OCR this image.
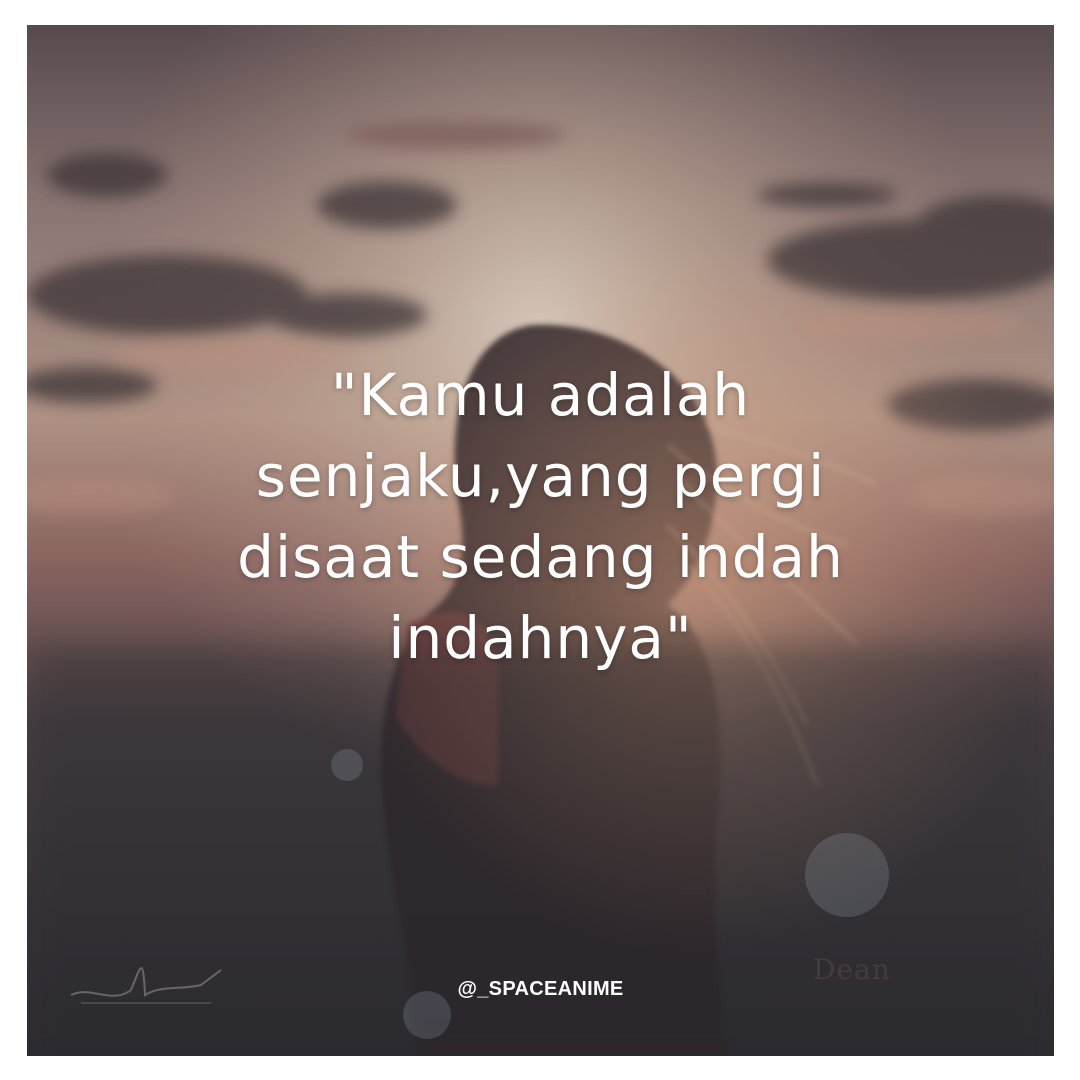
Dean
"Kamu adalah
senjaku,yang pergi
disaat sedang indah
indahnya"
@_SPACEANIME
